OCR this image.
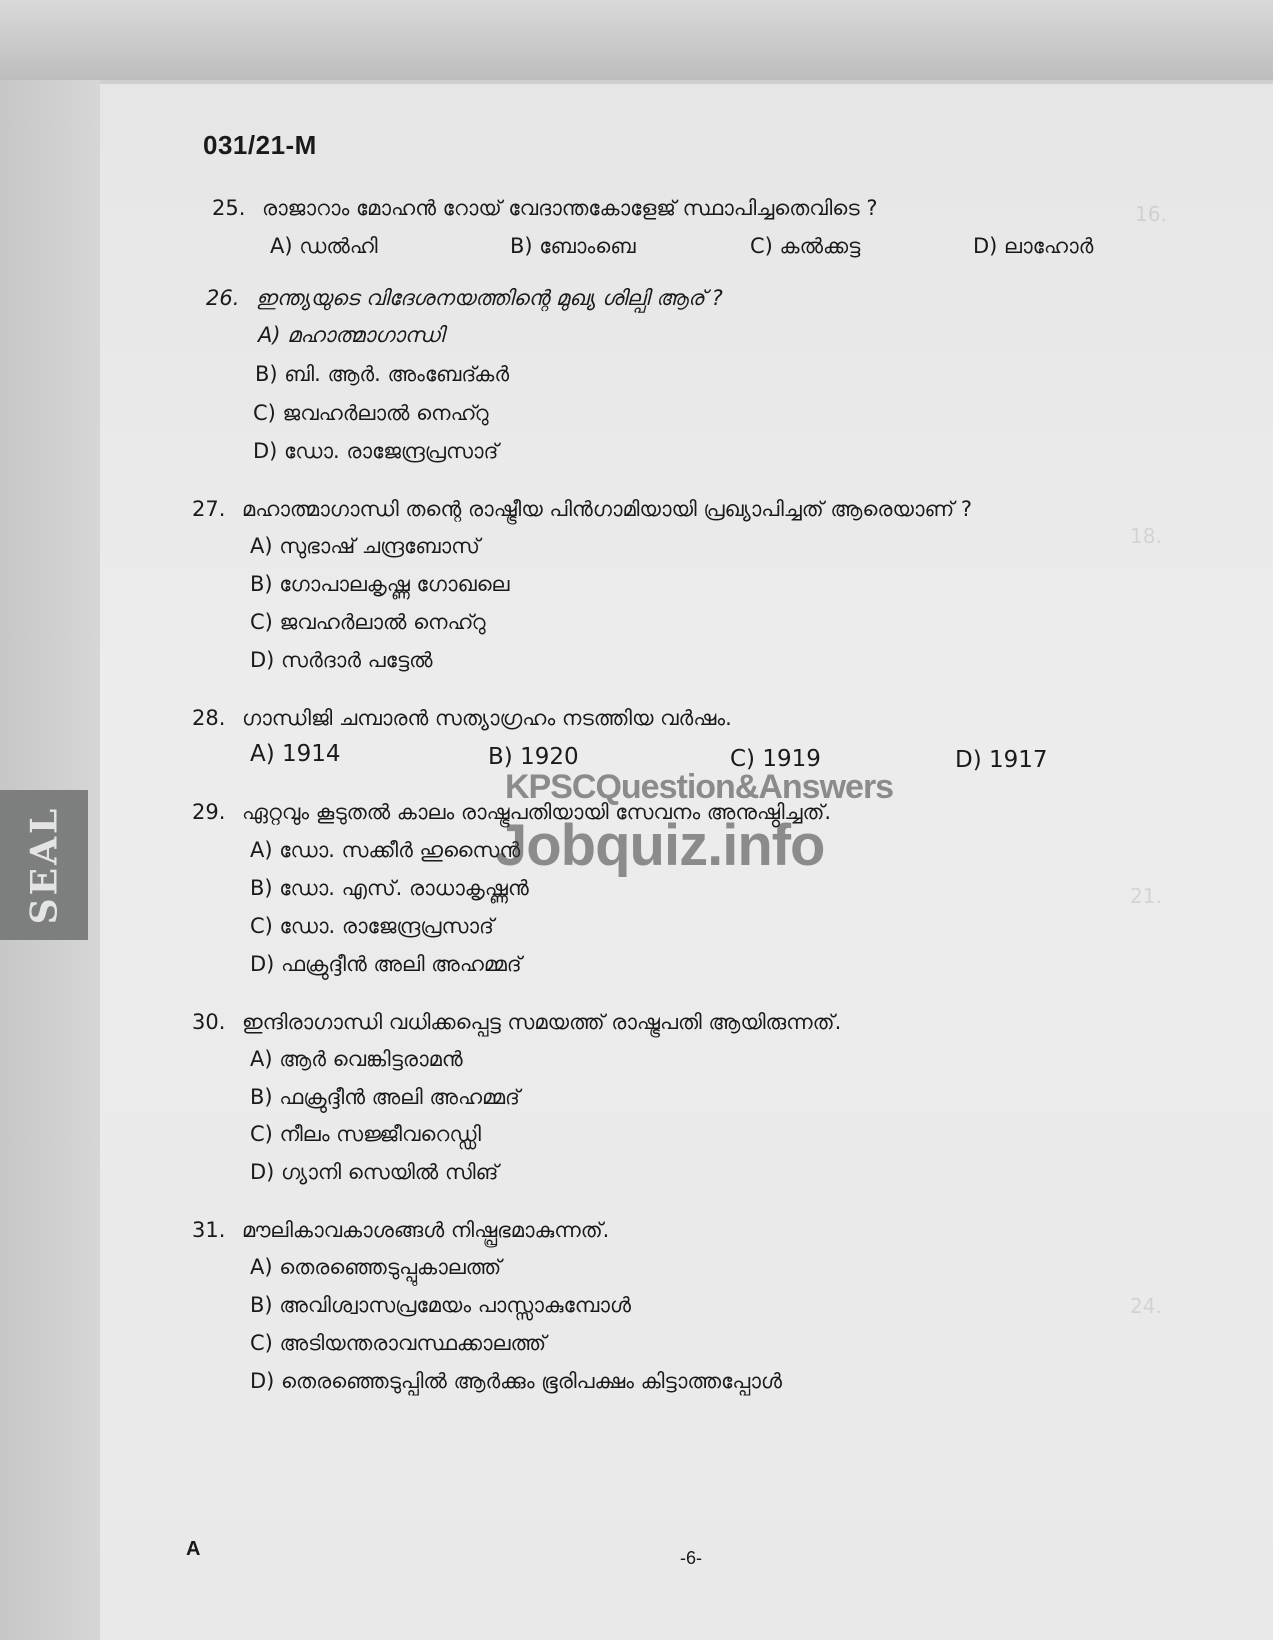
16.
18.
21.
24.
SEAL
031/21-M
25. രാജാറാം മോഹൻ റോയ് വേദാന്തകോളേജ് സ്ഥാപിച്ചതെവിടെ ?
A) ഡൽഹി	B) ബോംബെ	C) കൽക്കട്ട	D) ലാഹോർ
26. ഇന്ത്യയുടെ വിദേശനയത്തിന്റെ മുഖ്യ ശില്പി ആര് ?
A) മഹാത്മാഗാന്ധി
B) ബി. ആർ. അംബേദ്കർ
C) ജവഹർലാൽ നെഹ്റു
D) ഡോ. രാജേന്ദ്രപ്രസാദ്
27. മഹാത്മാഗാന്ധി തന്റെ രാഷ്ട്രീയ പിൻഗാമിയായി പ്രഖ്യാപിച്ചത് ആരെയാണ് ?
A) സുഭാഷ് ചന്ദ്രബോസ്
B) ഗോപാലകൃഷ്ണ ഗോഖലെ
C) ജവഹർലാൽ നെഹ്റു
D) സർദാർ പട്ടേൽ
28. ഗാന്ധിജി ചമ്പാരൻ സത്യാഗ്രഹം നടത്തിയ വർഷം.
A) 1914	B) 1920	C) 1919	D) 1917
29. ഏറ്റവും കൂടുതൽ കാലം രാഷ്ട്രപതിയായി സേവനം അനുഷ്ഠിച്ചത്.
A) ഡോ. സക്കീർ ഹുസൈൻ
B) ഡോ. എസ്. രാധാകൃഷ്ണൻ
C) ഡോ. രാജേന്ദ്രപ്രസാദ്
D) ഫക്രുദ്ദീൻ അലി അഹമ്മദ്
30. ഇന്ദിരാഗാന്ധി വധിക്കപ്പെട്ട സമയത്ത് രാഷ്ട്രപതി ആയിരുന്നത്.
A) ആർ വെങ്കിട്ടരാമൻ
B) ഫക്രുദ്ദീൻ അലി അഹമ്മദ്
C) നീലം സജ്ജീവറെഡ്ഡി
D) ഗ്യാനി സെയിൽ സിങ്
31. മൗലികാവകാശങ്ങൾ നിഷ്പ്രഭമാകുന്നത്.
A) തെരഞ്ഞെടുപ്പുകാലത്ത്
B) അവിശ്വാസപ്രമേയം പാസ്സാകുമ്പോൾ
C) അടിയന്തരാവസ്ഥക്കാലത്ത്
D) തെരഞ്ഞെടുപ്പിൽ ആർക്കും ഭൂരിപക്ഷം കിട്ടാത്തപ്പോൾ
KPSCQuestion&Answers
Jobquiz.info
A	-6-
